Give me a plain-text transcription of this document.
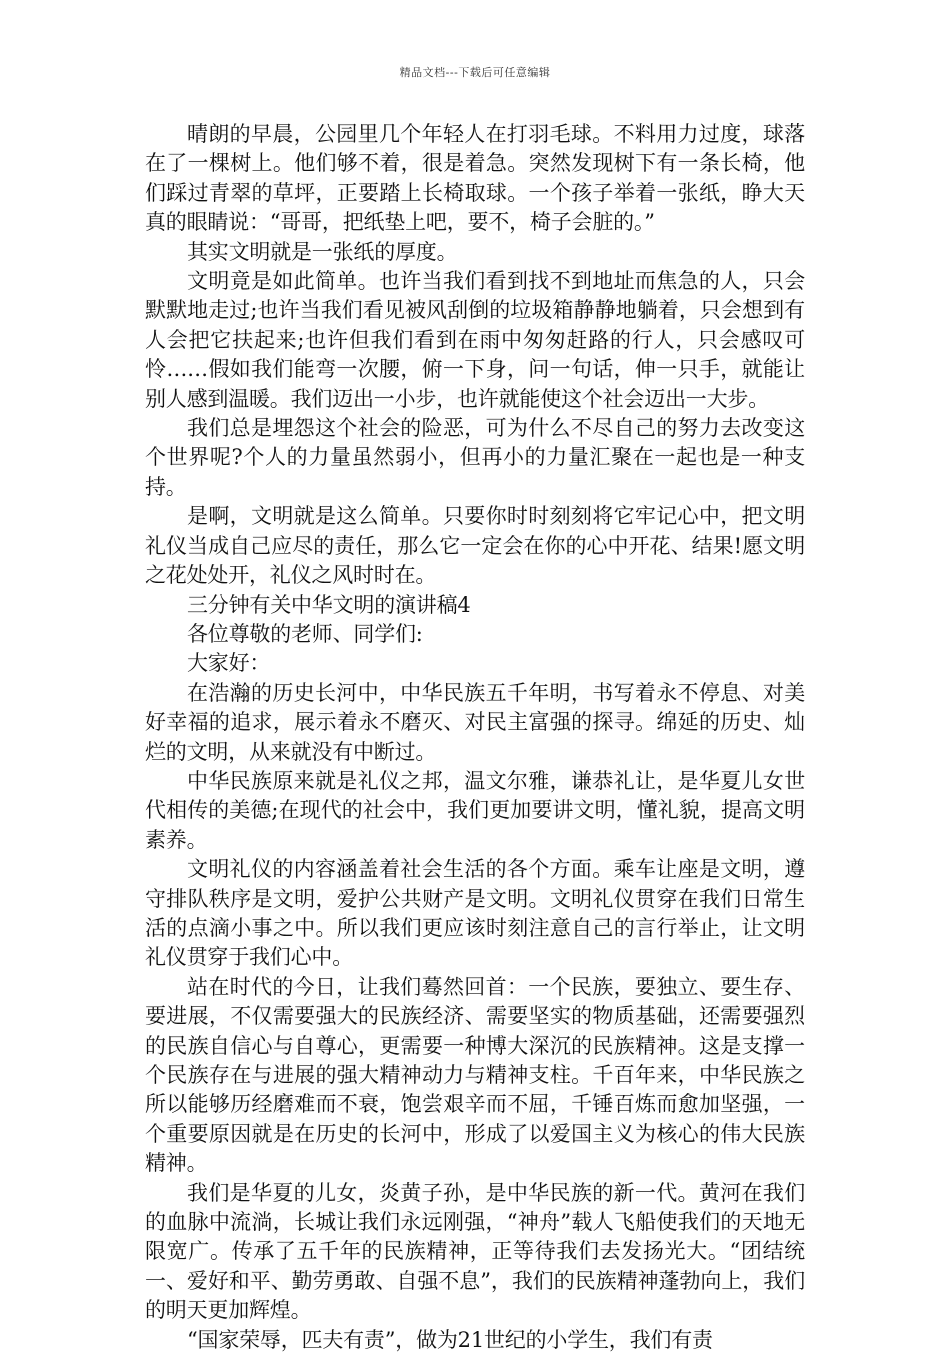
精品文档---下载后可任意编辑

晴朗的早晨，公园里几个年轻人在打羽毛球。不料用力过度，球落在了一棵树上。他们够不着，很是着急。突然发现树下有一条长椅，他们踩过青翠的草坪，正要踏上长椅取球。一个孩子举着一张纸，睁大天真的眼睛说：“哥哥，把纸垫上吧，要不，椅子会脏的。”

其实文明就是一张纸的厚度。

文明竟是如此简单。也许当我们看到找不到地址而焦急的人，只会默默地走过;也许当我们看见被风刮倒的垃圾箱静静地躺着，只会想到有人会把它扶起来;也许但我们看到在雨中匆匆赶路的行人，只会感叹可怜……假如我们能弯一次腰，俯一下身，问一句话，伸一只手，就能让别人感到温暖。我们迈出一小步，也许就能使这个社会迈出一大步。

我们总是埋怨这个社会的险恶，可为什么不尽自己的努力去改变这个世界呢?个人的力量虽然弱小，但再小的力量汇聚在一起也是一种支持。

是啊，文明就是这么简单。只要你时时刻刻将它牢记心中，把文明礼仪当成自己应尽的责任，那么它一定会在你的心中开花、结果!愿文明之花处处开，礼仪之风时时在。

三分钟有关中华文明的演讲稿4

各位尊敬的老师、同学们:

大家好：

在浩瀚的历史长河中，中华民族五千年明，书写着永不停息、对美好幸福的追求，展示着永不磨灭、对民主富强的探寻。绵延的历史、灿烂的文明，从来就没有中断过。

中华民族原来就是礼仪之邦，温文尔雅，谦恭礼让，是华夏儿女世代相传的美德;在现代的社会中，我们更加要讲文明，懂礼貌，提高文明素养。

文明礼仪的内容涵盖着社会生活的各个方面。乘车让座是文明，遵守排队秩序是文明，爱护公共财产是文明。文明礼仪贯穿在我们日常生活的点滴小事之中。所以我们更应该时刻注意自己的言行举止，让文明礼仪贯穿于我们心中。

站在时代的今日，让我们蓦然回首：一个民族，要独立、要生存、要进展，不仅需要强大的民族经济、需要坚实的物质基础，还需要强烈的民族自信心与自尊心，更需要一种博大深沉的民族精神。这是支撑一个民族存在与进展的强大精神动力与精神支柱。千百年来，中华民族之所以能够历经磨难而不衰，饱尝艰辛而不屈，千锤百炼而愈加坚强，一个重要原因就是在历史的长河中，形成了以爱国主义为核心的伟大民族精神。

我们是华夏的儿女，炎黄子孙，是中华民族的新一代。黄河在我们的血脉中流淌，长城让我们永远刚强，“神舟”载人飞船使我们的天地无限宽广。传承了五千年的民族精神，正等待我们去发扬光大。“团结统一、爱好和平、勤劳勇敢、自强不息”，我们的民族精神蓬勃向上，我们的明天更加辉煌。

“国家荣辱，匹夫有责”，做为21世纪的小学生，我们有责
